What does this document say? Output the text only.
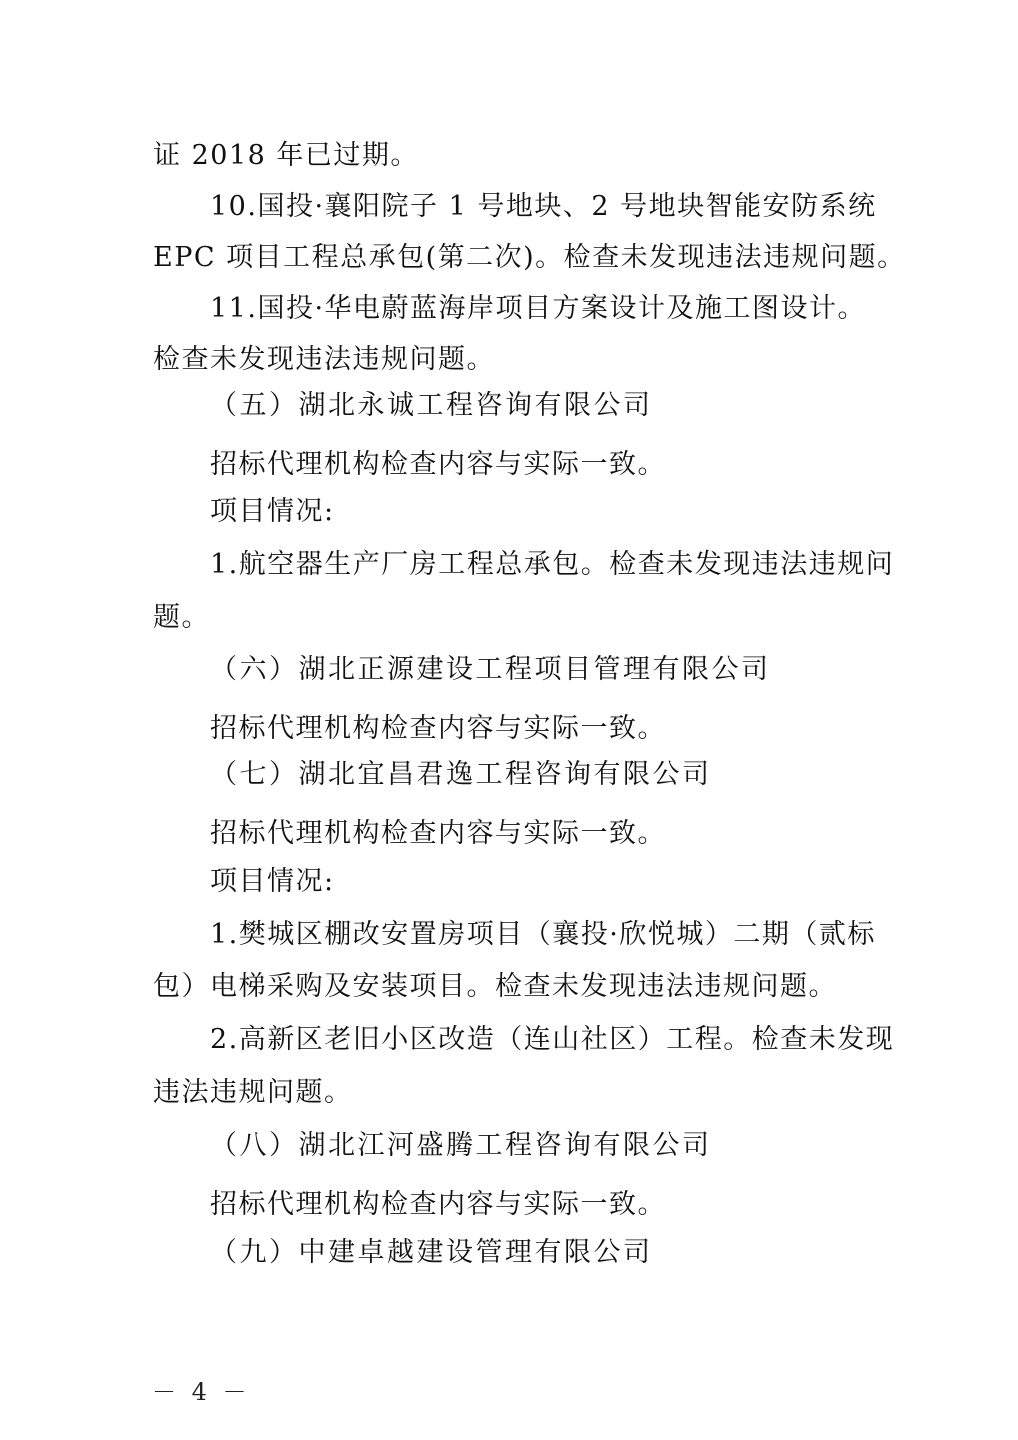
证 2018 年已过期。
10.国投·襄阳院子 1 号地块、2 号地块智能安防系统
EPC 项目工程总承包(第二次)。检查未发现违法违规问题。
11.国投·华电蔚蓝海岸项目方案设计及施工图设计。
检查未发现违法违规问题。
（五）湖北永诚工程咨询有限公司
招标代理机构检查内容与实际一致。
项目情况:
1.航空器生产厂房工程总承包。检查未发现违法违规问
题。
（六）湖北正源建设工程项目管理有限公司
招标代理机构检查内容与实际一致。
（七）湖北宜昌君逸工程咨询有限公司
招标代理机构检查内容与实际一致。
项目情况:
1.樊城区棚改安置房项目（襄投·欣悦城）二期（贰标
包）电梯采购及安装项目。检查未发现违法违规问题。
2.高新区老旧小区改造（连山社区）工程。检查未发现
违法违规问题。
（八）湖北江河盛腾工程咨询有限公司
招标代理机构检查内容与实际一致。
（九）中建卓越建设管理有限公司
－ 4 －
